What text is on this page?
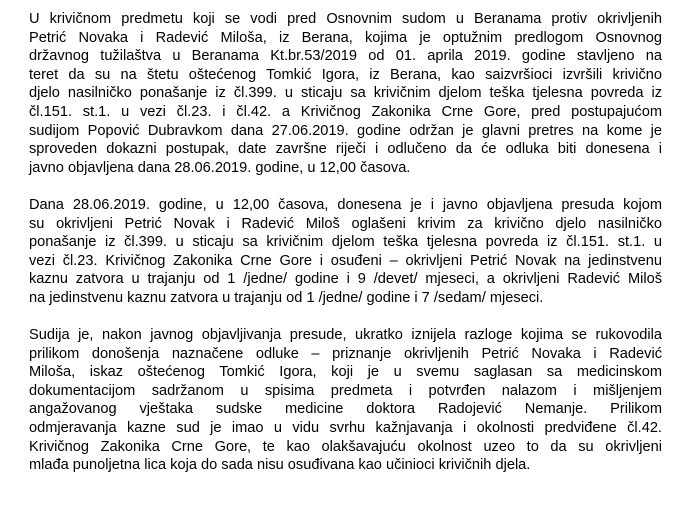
U krivičnom predmetu koji se vodi pred Osnovnim sudom u Beranama protiv okrivljenih
Petrić Novaka i Radević Miloša, iz Berana, kojima je optužnim predlogom Osnovnog
državnog tužilaštva u Beranama Kt.br.53/2019 od 01. aprila 2019. godine stavljeno na
teret da su na štetu oštećenog Tomkić Igora, iz Berana, kao saizvršioci izvršili krivično
djelo nasilničko ponašanje iz čl.399. u sticaju sa krivičnim djelom teška tjelesna povreda iz
čl.151. st.1. u vezi čl.23. i čl.42. a Krivičnog Zakonika Crne Gore, pred postupajućom
sudijom Popović Dubravkom dana 27.06.2019. godine održan je glavni pretres na kome je
sproveden dokazni postupak, date završne riječi i odlučeno da će odluka biti donesena i
javno objavljena dana 28.06.2019. godine, u 12,00 časova.

Dana 28.06.2019. godine, u 12,00 časova, donesena je i javno objavljena presuda kojom
su okrivljeni Petrić Novak i Radević Miloš oglašeni krivim za krivično djelo nasilničko
ponašanje iz čl.399. u sticaju sa krivičnim djelom teška tjelesna povreda iz čl.151. st.1. u
vezi čl.23. Krivičnog Zakonika Crne Gore i osuđeni – okrivljeni Petrić Novak na jedinstvenu
kaznu zatvora u trajanju od 1 /jedne/ godine i 9 /devet/ mjeseci, a okrivljeni Radević Miloš
na jedinstvenu kaznu zatvora u trajanju od 1 /jedne/ godine i 7 /sedam/ mjeseci.

Sudija je, nakon javnog objavljivanja presude, ukratko iznijela razloge kojima se rukovodila
prilikom donošenja naznačene odluke – priznanje okrivljenih Petrić Novaka i Radević
Miloša, iskaz oštećenog Tomkić Igora, koji je u svemu saglasan sa medicinskom
dokumentacijom sadržanom u spisima predmeta i potvrđen nalazom i mišljenjem
angažovanog vještaka sudske medicine doktora Radojević Nemanje. Prilikom
odmjeravanja kazne sud je imao u vidu svrhu kažnjavanja i okolnosti predviđene čl.42.
Krivičnog Zakonika Crne Gore, te kao olakšavajuću okolnost uzeo to da su okrivljeni
mlađa punoljetna lica koja do sada nisu osuđivana kao učinioci krivičnih djela.
